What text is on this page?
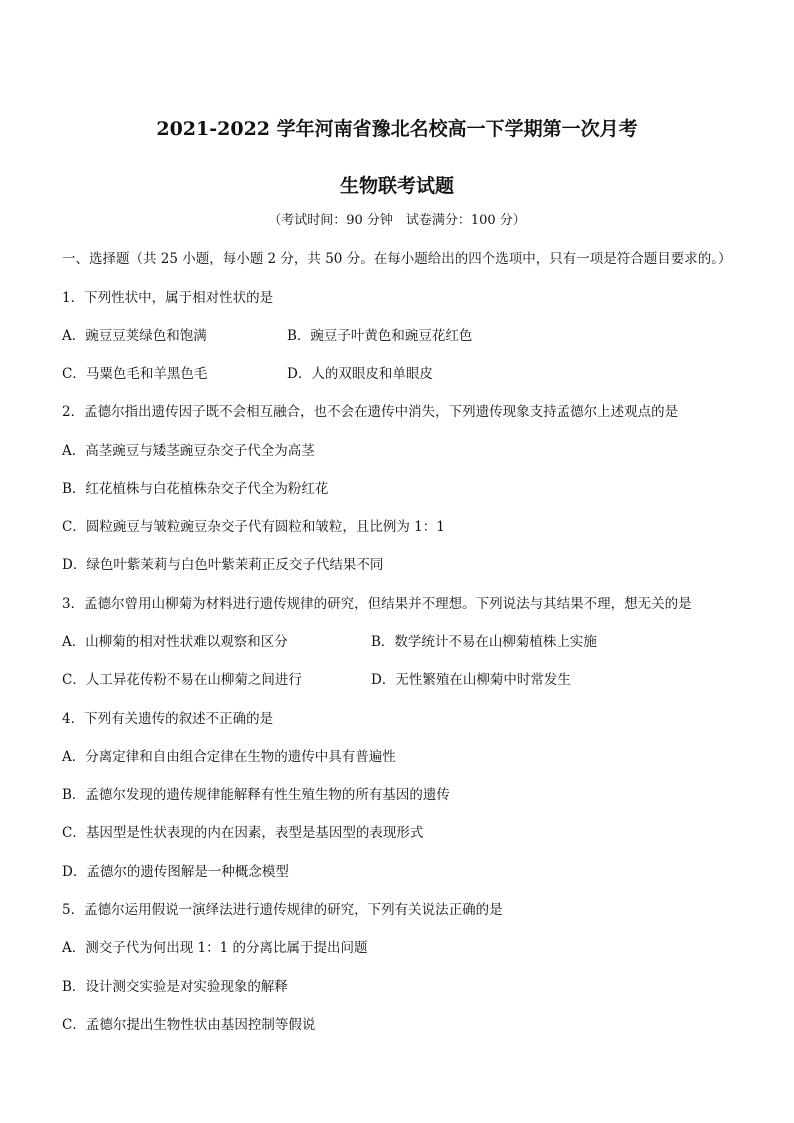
2021-2022 学年河南省豫北名校高一下学期第一次月考
生物联考试题
（考试时间：90 分钟　试卷满分：100 分）
一、选择题（共 25 小题，每小题 2 分，共 50 分。在每小题给出的四个选项中，只有一项是符合题目要求的。）
1．下列性状中，属于相对性状的是
A．豌豆豆荚绿色和饱满	B．豌豆子叶黄色和豌豆花红色
C．马粟色毛和羊黑色毛	D．人的双眼皮和单眼皮
2．孟德尔指出遗传因子既不会相互融合，也不会在遗传中消失，下列遗传现象支持孟德尔上述观点的是
A．高茎豌豆与矮茎豌豆杂交子代全为高茎
B．红花植株与白花植株杂交子代全为粉红花
C．圆粒豌豆与皱粒豌豆杂交子代有圆粒和皱粒，且比例为 1：1
D．绿色叶紫茉莉与白色叶紫茉莉正反交子代结果不同
3．孟德尔曾用山柳菊为材料进行遗传规律的研究，但结果并不理想。下列说法与其结果不理，想无关的是
A．山柳菊的相对性状难以观察和区分	B．数学统计不易在山柳菊植株上实施
C．人工异花传粉不易在山柳菊之间进行	D．无性繁殖在山柳菊中时常发生
4．下列有关遗传的叙述不正确的是
A．分离定律和自由组合定律在生物的遗传中具有普遍性
B．孟德尔发现的遗传规律能解释有性生殖生物的所有基因的遗传
C．基因型是性状表现的内在因素，表型是基因型的表现形式
D．孟德尔的遗传图解是一种概念模型
5．孟德尔运用假说一演绎法进行遗传规律的研究，下列有关说法正确的是
A．测交子代为何出现 1：1 的分离比属于提出问题
B．设计测交实验是对实验现象的解释
C．孟德尔提出生物性状由基因控制等假说
